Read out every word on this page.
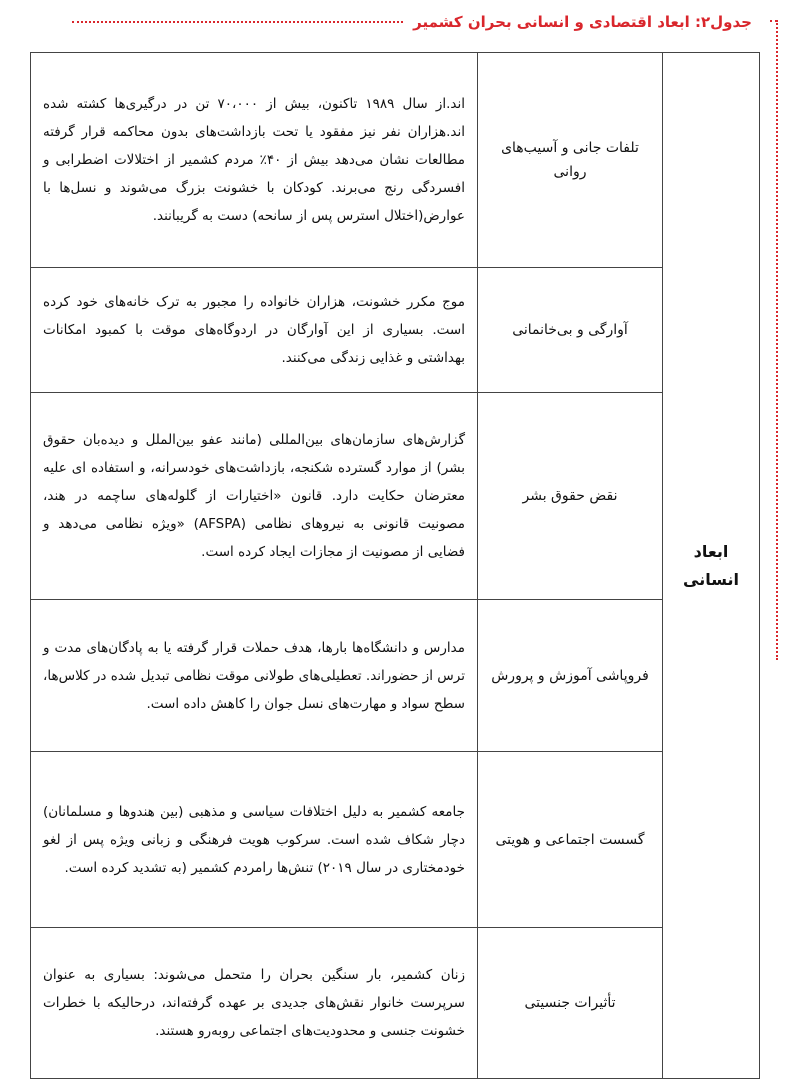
جدول۲: ابعاد اقتصادی و انسانی بحران کشمیر
ابعاد انسانی	تلفات جانی و آسیب‌های روانی	اند.از سال ۱۹۸۹ تاکنون، بیش از ۷۰،۰۰۰ تن در درگیری‌ها کشته شده اند.هزاران نفر نیز مفقود یا تحت بازداشت‌های بدون محاکمه قرار گرفته مطالعات نشان می‌دهد بیش از ۴۰٪ مردم کشمیر از اختلالات اضطرابی و افسردگی رنج می‌برند. کودکان با خشونت بزرگ می‌شوند و نسل‌ها با عوارض(اختلال استرس پس از سانحه) دست به گریبانند.
	آوارگی و بی‌خانمانی	موج مکرر خشونت، هزاران خانواده را مجبور به ترک خانه‌های خود کرده است. بسیاری از این آوارگان در اردوگاه‌های موقت با کمبود امکانات بهداشتی و غذایی زندگی می‌کنند.
	نقض حقوق بشر	گزارش‌های سازمان‌های بین‌المللی (مانند عفو بین‌الملل و دیده‌بان حقوق بشر) از موارد گسترده شکنجه، بازداشت‌های خودسرانه، و استفاده ای علیه معترضان حکایت دارد. قانون «اختیارات از گلوله‌های ساچمه در هند، مصونیت قانونی به نیروهای نظامی (AFSPA) «ویژه نظامی می‌دهد و فضایی از مصونیت از مجازات ایجاد کرده است.
	فروپاشی آموزش و پرورش	مدارس و دانشگاه‌ها بارها، هدف حملات قرار گرفته یا به پادگان‌های مدت و ترس از حضوراند. تعطیلی‌های طولانی موقت نظامی تبدیل شده در کلاس‌ها، سطح سواد و مهارت‌های نسل جوان را کاهش داده است.
	گسست اجتماعی و هویتی	جامعه کشمیر به دلیل اختلافات سیاسی و مذهبی (بین هندوها و مسلمانان) دچار شکاف شده است. سرکوب هویت فرهنگی و زبانی ویژه پس از لغو خودمختاری در سال ۲۰۱۹) تنش‌ها رامردم کشمیر (به تشدید کرده است.
	تأثیرات جنسیتی	زنان کشمیر، بار سنگین بحران را متحمل می‌شوند: بسیاری به عنوان سرپرست خانوار نقش‌های جدیدی بر عهده گرفته‌اند، درحالیکه با خطرات خشونت جنسی و محدودیت‌های اجتماعی روبه‌رو هستند.
